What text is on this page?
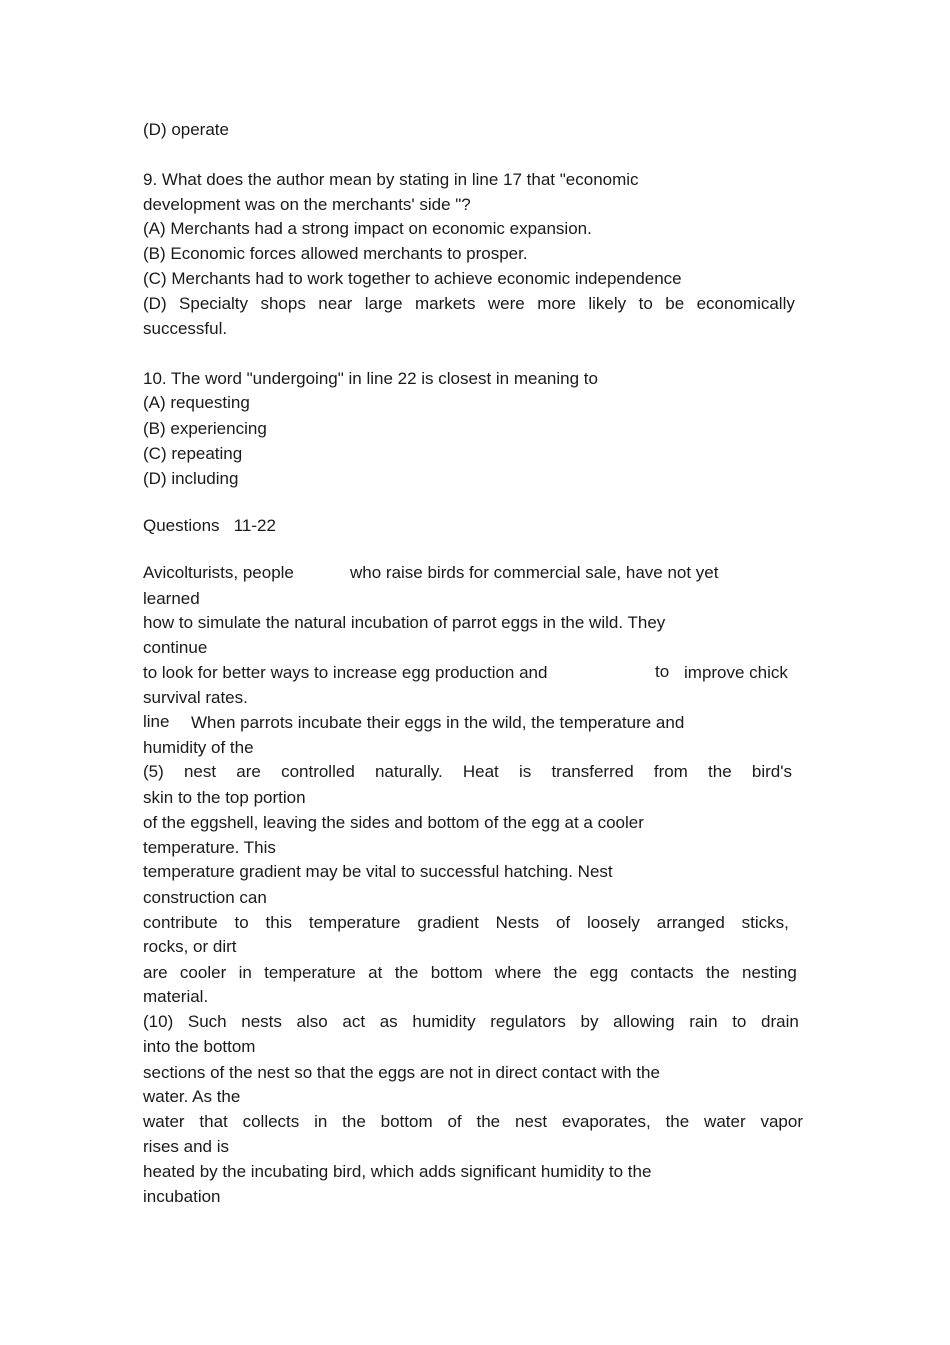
(D) operate

9. What does the author mean by stating in line 17 that "economic

development was on the merchants' side "?

(A) Merchants had a strong impact on economic expansion.

(B) Economic forces allowed merchants to prosper.

(C) Merchants had to work together to achieve economic independence

(D) Specialty shops near large markets were more likely to be economically

successful.

10. The word "undergoing" in line 22 is closest in meaning to

(A) requesting

(B) experiencing

(C) repeating

(D) including

Questions   11-22

Avicolturists, people	who raise birds for commercial sale, have not yet

learned

how to simulate the natural incubation of parrot eggs in the wild. They

continue

to look for better ways to increase egg production and	to improve chick

survival rates.

line When parrots incubate their eggs in the wild, the temperature and

humidity of the

(5) nest are controlled naturally. Heat is transferred from the bird's

skin to the top portion

of the eggshell, leaving the sides and bottom of the egg at a cooler

temperature. This

temperature gradient may be vital to successful hatching. Nest

construction can

contribute to this temperature gradient Nests of loosely arranged sticks,

rocks, or dirt

are cooler in temperature at the bottom where the egg contacts the nesting

material.

(10) Such nests also act as humidity regulators by allowing rain to drain

into the bottom

sections of the nest so that the eggs are not in direct contact with the

water. As the

water that collects in the bottom of the nest evaporates, the water vapor

rises and is

heated by the incubating bird, which adds significant humidity to the

incubation
